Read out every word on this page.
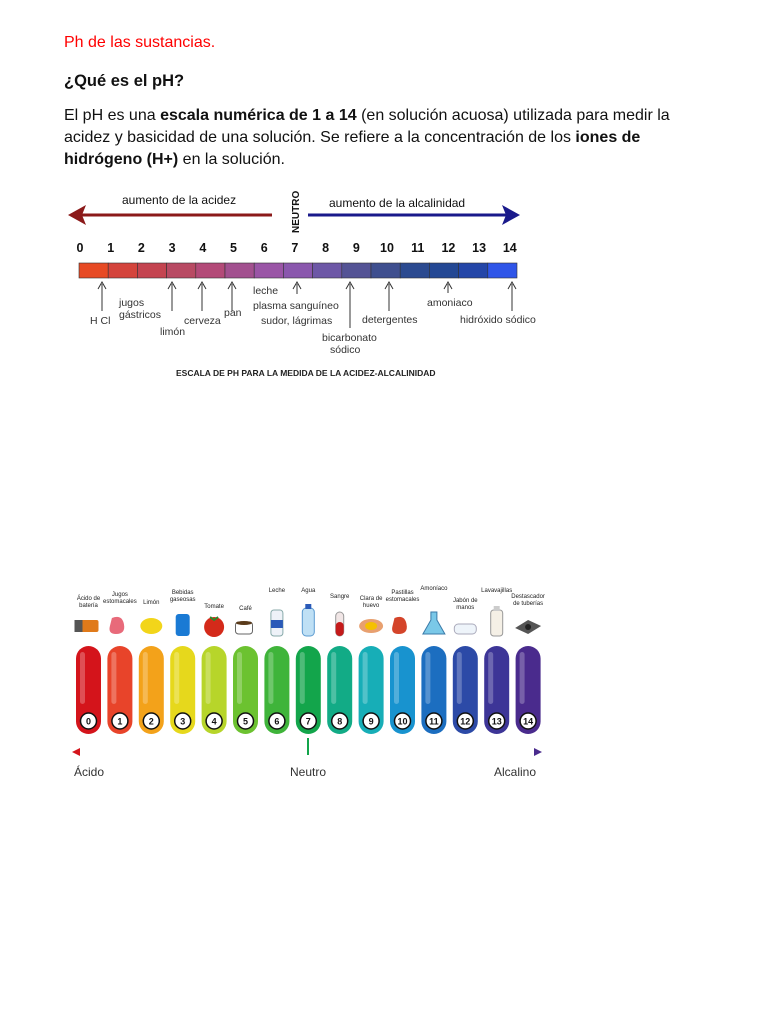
Ph de las sustancias.
¿Qué es el pH?

El pH es una escala numérica de 1 a 14 (en solución acuosa) utilizada para medir la acidez y basicidad de una solución. Se refiere a la concentración de los iones de hidrógeno (H+) en la solución.

aumento de la acidez	aumento de la alcalinidad
NEUTRO
0 1 2 3 4 5 6 7 8 9 10 11 12 13 14
H Cl
jugos
gástricos
limón
cerveza
pan
leche
plasma sanguíneo
sudor, lágrimas
bicarbonato
sódico
detergentes
amoniaco
hidróxido sódico
ESCALA DE PH PARA LA MEDIDA DE LA ACIDEZ-ALCALINIDAD
Ácido de
batería
Jugos
estomacales Limón
Bebidas
gaseosas
Tomate	Café
Leche	Agua
Sangre Clara de
huevo
Pastillas
estomacales
Amoníaco
Jabón de
manos
Lavavajillas
Destascador
de tuberías
0	1	2	3	4	5	6	7	8	9	10 11 12 13 14
Ácido	Neutro	Alcalino
